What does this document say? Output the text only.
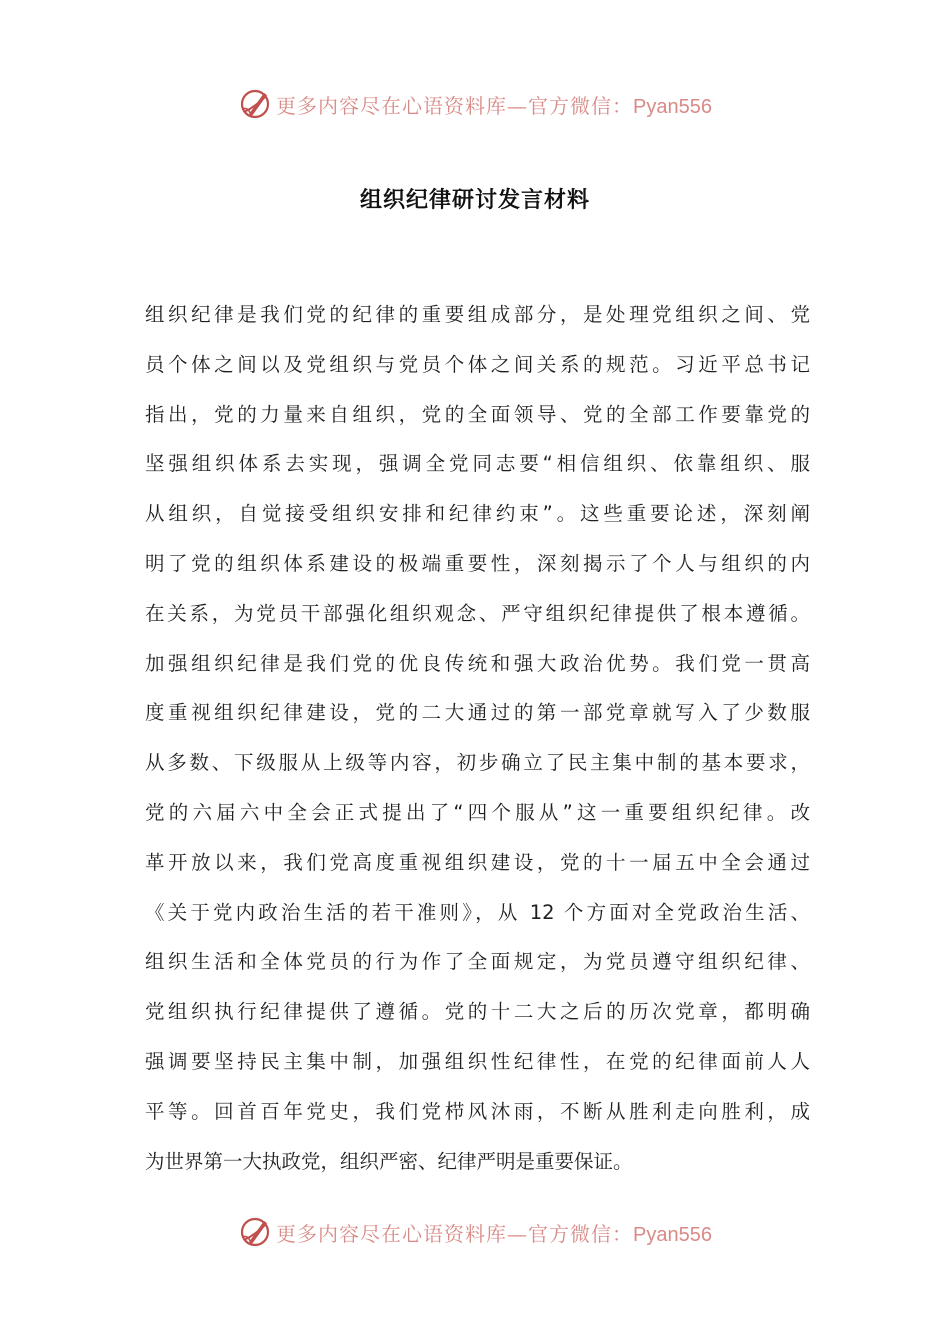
更多内容尽在心语资料库—官方微信：Pyan556
组织纪律研讨发言材料
组织纪律是我们党的纪律的重要组成部分，是处理党组织之间、党
员个体之间以及党组织与党员个体之间关系的规范。习近平总书记
指出，党的力量来自组织，党的全面领导、党的全部工作要靠党的
坚强组织体系去实现，强调全党同志要“相信组织、依靠组织、服
从组织，自觉接受组织安排和纪律约束”。这些重要论述，深刻阐
明了党的组织体系建设的极端重要性，深刻揭示了个人与组织的内
在关系，为党员干部强化组织观念、严守组织纪律提供了根本遵循。
加强组织纪律是我们党的优良传统和强大政治优势。我们党一贯高
度重视组织纪律建设，党的二大通过的第一部党章就写入了少数服
从多数、下级服从上级等内容，初步确立了民主集中制的基本要求，
党的六届六中全会正式提出了“四个服从”这一重要组织纪律。改
革开放以来，我们党高度重视组织建设，党的十一届五中全会通过
《关于党内政治生活的若干准则》，从 12 个方面对全党政治生活、
组织生活和全体党员的行为作了全面规定，为党员遵守组织纪律、
党组织执行纪律提供了遵循。党的十二大之后的历次党章，都明确
强调要坚持民主集中制，加强组织性纪律性，在党的纪律面前人人
平等。回首百年党史，我们党栉风沐雨，不断从胜利走向胜利，成
为世界第一大执政党，组织严密、纪律严明是重要保证。
更多内容尽在心语资料库—官方微信：Pyan556
